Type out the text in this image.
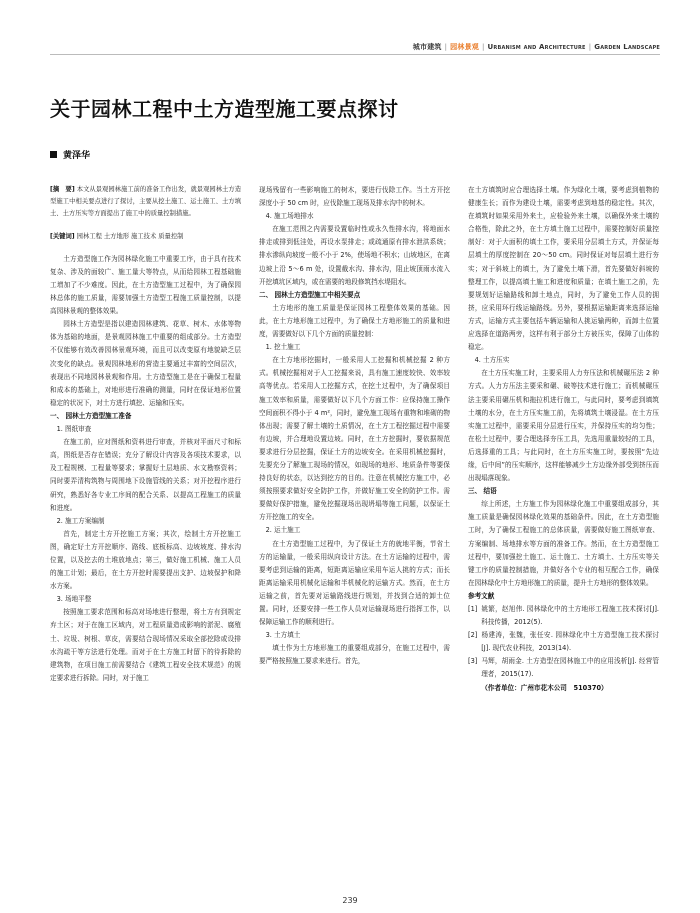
城市建筑 | 园林景观 | Urbanism and Architecture | Garden Landscape
关于园林工程中土方造型施工要点探讨
黄泽华

[摘　要] 本文从景观园林施工前的准备工作出发，就景观园林土方造型施工中相关要点进行了探讨，主要从挖土施工、运土施工、土方填土、土方压实等方面提出了施工中的质量控制措施。

[关键词] 园林工程 土方地形 施工技术 质量控制

土方造型施工作为园林绿化施工中重要工序，由于具有技术复杂、涉及的面较广、施工量大等特点，从而给园林工程基础施工增加了不少难度。因此，在土方造型施工过程中，为了确保园林总体的施工质量，需要加强土方造型工程施工质量控制，以提高园林景观的整体效果。

园林土方造型是指以建造园林建筑、花草、树木、水体等物体为基础的地面，是景观园林施工中重要的组成部分。土方造型不仅能够有效改善园林景观环境，而且可以改变原有地貌缺乏层次变化的缺点。景观园林地形的营造主要通过丰富的空间层次，表现出不同地园林景观和作用。土方造型施工是在于确保工程量和成本的基础上，对地形进行准确的测量，同时在保证地形位置稳定的状况下，对土方进行填挖、运输和压实。

一、 园林土方造型施工准备

1. 图纸审查

在施工前，应对图纸和资料进行审查，并核对平面尺寸和标高，图纸是否存在错误；充分了解设计内容及各项技术要求，以及工程规模、工程量等要求；掌握好土层地质、水文勘察资料；同时要弄清构筑物与周围地下设施管线的关系；对开挖程序进行研究，熟悉好各专业工序间的配合关系、以提高工程施工的质量和进度。

2. 施工方案编制

首先，制定土方开挖施工方案；其次，绘制土方开挖施工图，确定好土方开挖顺序、路线、底板标高、边坡坡度、排水沟位置，以及挖去的土堆放地点；第三，做好施工机械、施工人员的施工计划；最后，在土方开挖时需要提出支护、边坡保护和降水方案。

3. 场地平整

按照施工要求范围和标高对场地进行整理，将土方有到规定弃土区；对于在施工区域内，对工程质量造成影响的淤泥、腐殖土、垃圾、树根、草皮，需要结合现场情况采取全部挖除或设排水沟疏干等方法进行处理。而对于在土方施工时留下的待拆除的建筑物，在项目施工前需要结合《建筑工程安全技术规范》的规定要求进行拆除。同时，对于施工

现场残留有一些影响施工的树木，要进行伐除工作。当土方开挖深度小于 50 cm 时，应伐除施工现场及排水沟中的树木。

4. 施工场地排水

在施工范围之内需要设置临时性或永久性排水沟，将地面水排走或排到低洼处，再设水泵排走；或疏通原有排水泄洪系统；排水渗纵向坡度一般不小于 2%，使场地不积水；山坡地区，在离边坡上沿 5～6 m 处，设置截水沟、排水沟，阻止坡顶雨水流入开挖填坑区域内，或在需要的地段修筑挡水堤阻水。

二、 园林土方造型施工中相关要点

土方地形的施工质量是保证园林工程整体效果的基础。因此，在土方地形施工过程中，为了确保土方地形施工的质量和进度，需要做好以下几个方面的质量控制：

1. 挖土施工

在土方地形挖掘时，一般采用人工挖掘和机械挖掘 2 种方式。机械挖掘相对于人工挖掘来说，具有施工速度较快、效率较高等优点。若采用人工挖掘方式，在挖土过程中，为了确保项目施工效率和质量，需要做好以下几个方面工作：应保持施工操作空间面积不得小于 4 m²，同时，避免施工现场有重物和堆砌的物体出现；需要了解土壤的土质情况，在土方工程挖掘过程中需要有边坡，并合理地设置边坡。同时，在土方挖掘时，要依据规范要求进行分层挖掘，保证土方的边坡安全。在采用机械挖掘时，先要充分了解施工现场的情况，如现场的地形、地质条件等要保持良好的状态，以达到挖方的目的。注意在机械挖方施工中，必须按照要求做好安全防护工作，并做好施工安全的防护工作。需要做好保护措施，避免挖掘现场出现坍塌等施工问题，以保证土方开挖施工的安全。

2. 运土施工

在土方造型施工过程中，为了保证土方的就地平衡，节省土方的运输量，一般采用纵向设计方法。在土方运输的过程中，需要考虑到运输的距离，短距离运输应采用车运人挑的方式；而长距离运输采用机械化运输和半机械化的运输方式。然而，在土方运输之前，首先要对运输路线进行规划，并找到合适的卸土位置。同时，还要安排一些工作人员对运输现场进行指挥工作，以保障运输工作的顺利进行。

3. 土方填土

填土作为土方地形施工的重要组成部分，在施工过程中，需要严格按照施工要求来进行。首先，

在土方填筑时应合理选择土壤。作为绿化土壤，要考虑到植物的健康生长；而作为建设土壤，需要考虑到地基的稳定性。其次，在填筑时如果采用外来土，应检验外来土壤，以确保外来土壤的合格性，除此之外，在土方填土施工过程中，需要控制好质量控制好：对于大面积的填土工作，要采用分层填土方式，并保证每层填土的厚度控制在 20～50 cm。同时保证对每层填土进行夯实；对于斜坡上的填土，为了避免土壤下滑，首先要做好斜坡的整理工作，以提高填土施工和进度和质量；在填土施工之前，先要规划好运输路线和卸土地点，同时，为了避免工作人员的拥挤，应采用环行线运输路线。另外，要根据运输距离来选择运输方式，运输方式主要包括车辆运输和人挑运输两种，而卸土位置应选择在道路两旁，这样有利于部分土方被压实，保障了山体的稳定。

4. 土方压实

在土方压实施工时，主要采用人力夯压法和机械碾压法 2 种方式。人力方压法主要采和碾、破等技术进行施工；而机械碾压法主要采用碾压机和拖拉机进行施工，与此同时，要考虑到填筑土壤的水分，在土方压实施工前，先将填筑土壤浸湿。在土方压实施工过程中，需要采用分层进行压实，并保持压实的均匀性；在松土过程中，要合理选择夯压工具，先选用重量较轻的工具，后选择重的工具；与此同时，在土方压实施工时，要按照“先边缘，后中间”的压实顺序，这样能够减少土方边缘外部受到挤压而出现塌落现象。

三、 结语

综上所述，土方施工作为园林绿化施工中重要组成部分，其施工质量是确保园林绿化效果的基础条件。因此，在土方造型施工时，为了确保工程施工的总体质量，需要做好施工图纸审查、方案编制、场地排水等方面的准备工作。然而，在土方造型施工过程中，要加强挖土施工、运土施工、土方填土、土方压实等关键工序的质量控制措施，并做好各个专业的相互配合工作，确保在园林绿化中土方地形施工的质量，提升土方地形的整体效果。

参考文献

[1] 姚繁，赵旭伟. 园林绿化中的土方地形工程施工技术探讨[J]. 科技传播，2012(5).

[2] 杨建涛，张魏，张任安. 园林绿化中土方造型施工技术探讨[J]. 现代农业科技，2013(14).

[3] 马辉，胡雨金. 土方造型在园林施工中的应用浅析[J]. 经营管理者，2015(17).

（作者单位：广州市花木公司　510370）

239
